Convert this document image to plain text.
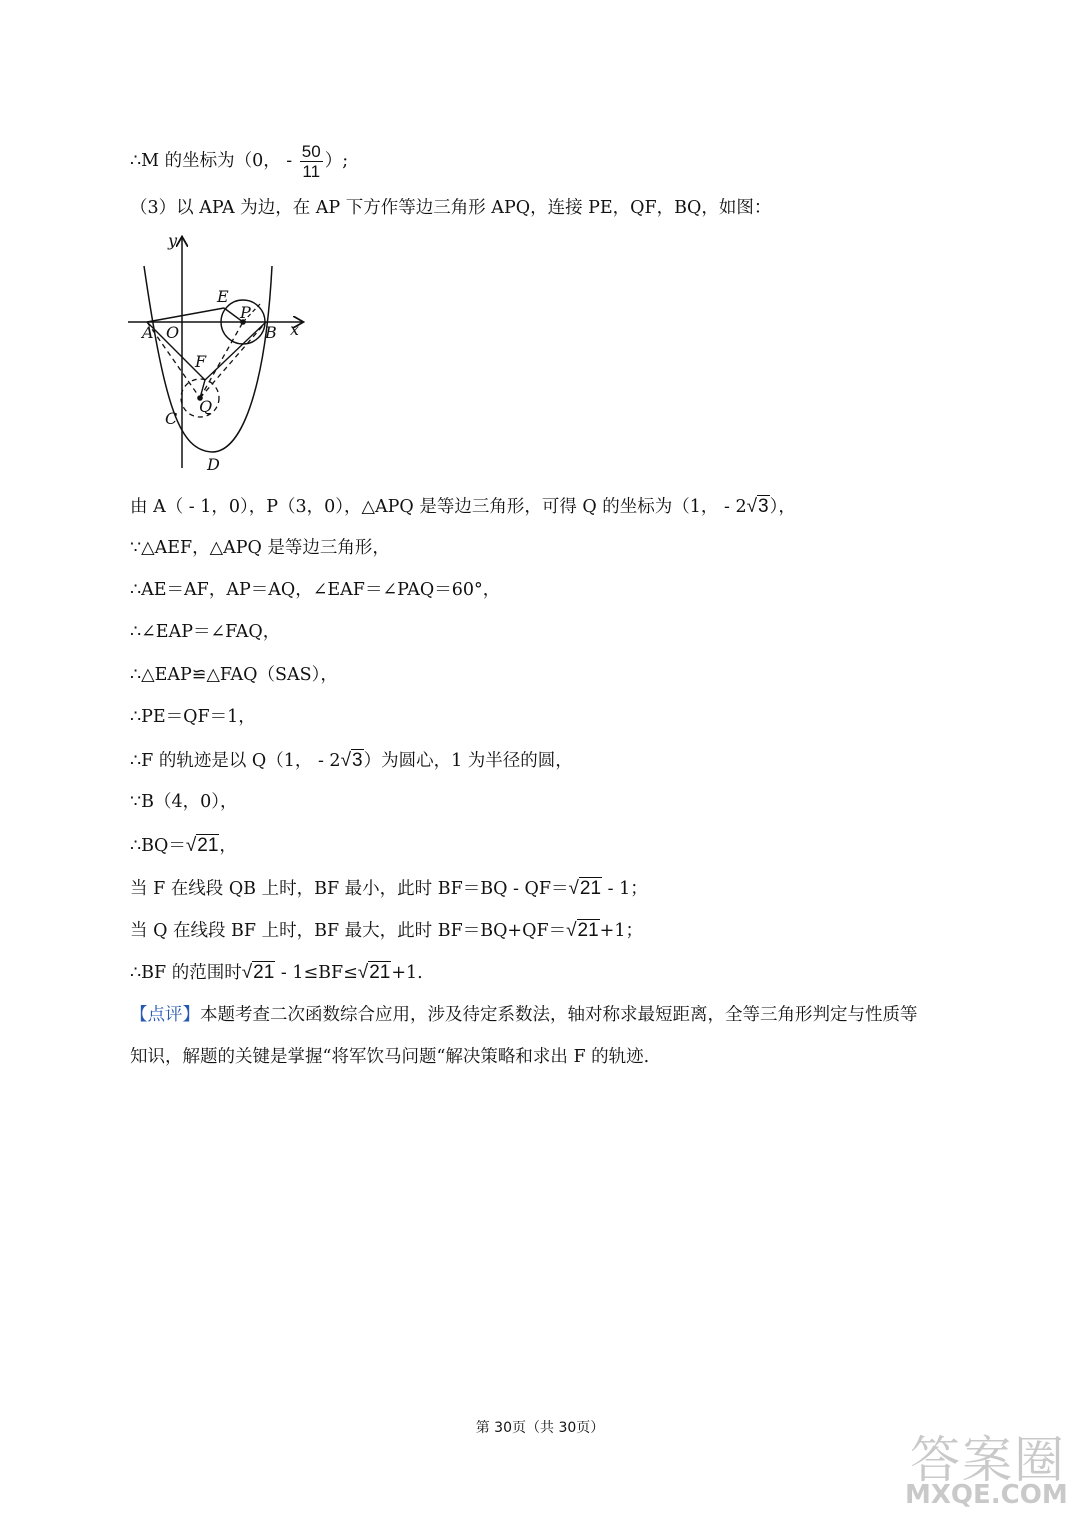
∴M 的坐标为（0， - $\frac{50}{11}$ ）;
（3）以 APA 为边，在 AP 下方作等边三角形 APQ，连接 PE，QF，BQ，如图：
y
x
A O	B
E
P
F
Q
C
D
由 A（ - 1，0），P（3，0），△APQ 是等边三角形，可得 Q 的坐标为（1， - 2√3），
∵△AEF，△APQ 是等边三角形，
∴AE＝AF，AP＝AQ，∠EAF＝∠PAQ＝60°，
∴∠EAP＝∠FAQ，
∴△EAP≌△FAQ（SAS），
∴PE＝QF＝1，
∴F 的轨迹是以 Q（1， - 2√3）为圆心，1 为半径的圆，
∵B（4，0），
∴BQ＝√21，
当 F 在线段 QB 上时，BF 最小，此时 BF＝BQ - QF＝√21 - 1；
当 Q 在线段 BF 上时，BF 最大，此时 BF＝BQ+QF＝√21+1；
∴BF 的范围时√21 - 1≤BF≤√21+1.
【点评】本题考查二次函数综合应用，涉及待定系数法，轴对称求最短距离，全等三角形判定与性质等
知识，解题的关键是掌握“将军饮马问题“解决策略和求出 F 的轨迹.
第 30页（共 30页）
答案圈
MXQE.COM
